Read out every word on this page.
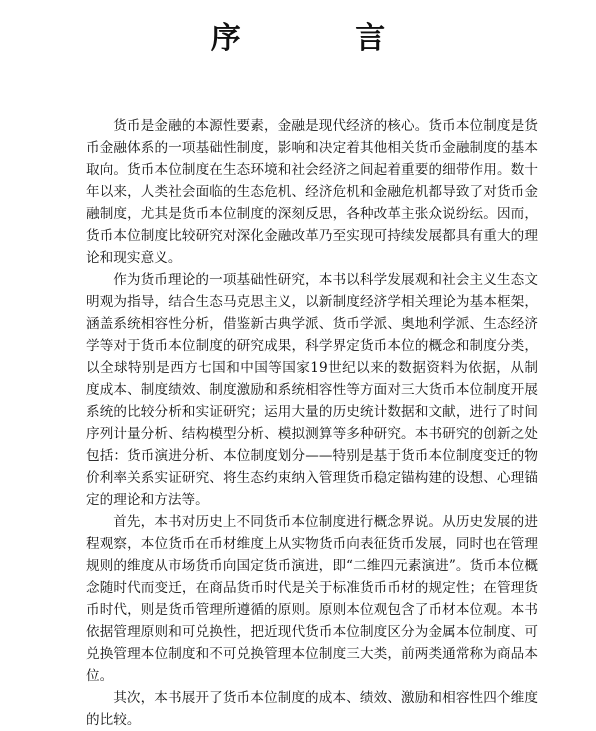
序 言

货币是金融的本源性要素，金融是现代经济的核心。货币本位制度是货币金融体系的一项基础性制度，影响和决定着其他相关货币金融制度的基本取向。货币本位制度在生态环境和社会经济之间起着重要的细带作用。数十年以来，人类社会面临的生态危机、经济危机和金融危机都导致了对货币金融制度，尤其是货币本位制度的深刻反思，各种改革主张众说纷纭。因而，货币本位制度比较研究对深化金融改革乃至实现可持续发展都具有重大的理论和现实意义。

作为货币理论的一项基础性研究，本书以科学发展观和社会主义生态文明观为指导，结合生态马克思主义，以新制度经济学相关理论为基本框架，涵盖系统相容性分析，借鉴新古典学派、货币学派、奥地利学派、生态经济学等对于货币本位制度的研究成果，科学界定货币本位的概念和制度分类，以全球特别是西方七国和中国等国家19世纪以来的数据资料为依据，从制度成本、制度绩效、制度激励和系统相容性等方面对三大货币本位制度开展系统的比较分析和实证研究；运用大量的历史统计数据和文献，进行了时间序列计量分析、结构模型分析、模拟测算等多种研究。本书研究的创新之处包括：货币演进分析、本位制度划分——特别是基于货币本位制度变迁的物价利率关系实证研究、将生态约束纳入管理货币稳定锚构建的设想、心理锚定的理论和方法等。

首先，本书对历史上不同货币本位制度进行概念界说。从历史发展的进程观察，本位货币在币材维度上从实物货币向表征货币发展，同时也在管理规则的维度从市场货币向国定货币演进，即“二维四元素演进”。货币本位概念随时代而变迁，在商品货币时代是关于标准货币币材的规定性；在管理货币时代，则是货币管理所遵循的原则。原则本位观包含了币材本位观。本书依据管理原则和可兑换性，把近现代货币本位制度区分为金属本位制度、可兑换管理本位制度和不可兑换管理本位制度三大类，前两类通常称为商品本位。

其次，本书展开了货币本位制度的成本、绩效、激励和相容性四个维度的比较。
